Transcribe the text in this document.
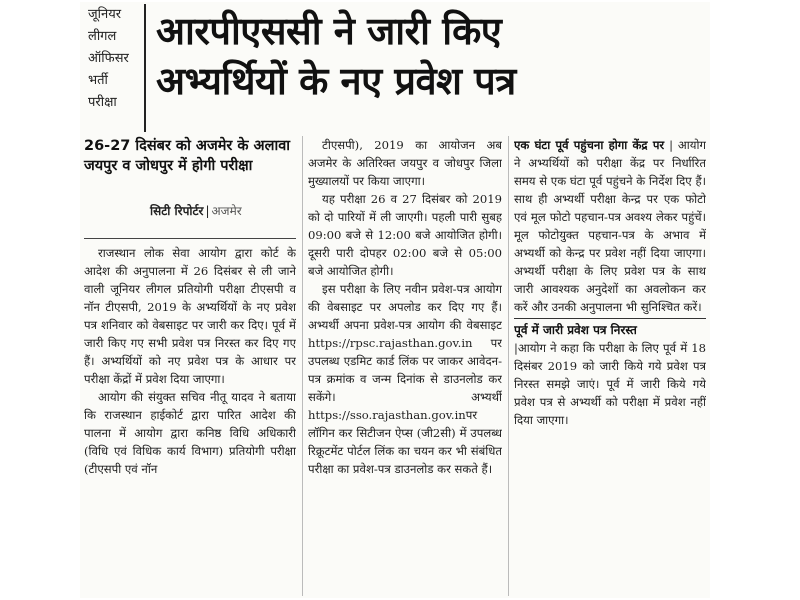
जूनियर
लीगल
ऑफिसर
भर्ती
परीक्षा
आरपीएससी ने जारी किए
अभ्यर्थियों के नए प्रवेश पत्र
26-27 दिसंबर को अजमेर के अलावा जयपुर व जोधपुर में होगी परीक्षा
सिटी रिपोर्टर | अजमेर

राजस्थान लोक सेवा आयोग द्वारा कोर्ट के आदेश की अनुपालना में 26 दिसंबर से ली जाने वाली जूनियर लीगल प्रतियोगी परीक्षा टीएसपी व नॉन टीएसपी, 2019 के अभ्यर्थियों के नए प्रवेश पत्र शनिवार को वेबसाइट पर जारी कर दिए। पूर्व में जारी किए गए सभी प्रवेश पत्र निरस्त कर दिए गए हैं। अभ्यर्थियों को नए प्रवेश पत्र के आधार पर परीक्षा केंद्रों में प्रवेश दिया जाएगा।

आयोग की संयुक्त सचिव नीतू यादव ने बताया कि राजस्थान हाईकोर्ट द्वारा पारित आदेश की पालना में आयोग द्वारा कनिष्ठ विधि अधिकारी (विधि एवं विधिक कार्य विभाग) प्रतियोगी परीक्षा (टीएसपी एवं नॉन

टीएसपी), 2019 का आयोजन अब अजमेर के अतिरिक्त जयपुर व जोधपुर जिला मुख्यालयों पर किया जाएगा।

यह परीक्षा 26 व 27 दिसंबर को 2019 को दो पारियों में ली जाएगी। पहली पारी सुबह 09:00 बजे से 12:00 बजे आयोजित होगी। दूसरी पारी दोपहर 02:00 बजे से 05:00 बजे आयोजित होगी।

इस परीक्षा के लिए नवीन प्रवेश-पत्र आयोग की वेबसाइट पर अपलोड कर दिए गए हैं। अभ्यर्थी अपना प्रवेश-पत्र आयोग की वेबसाइट https://rpsc.rajasthan.gov.in पर उपलब्ध एडमिट कार्ड लिंक पर जाकर आवेदन-पत्र क्रमांक व जन्म दिनांक से डाउनलोड कर सकेंगे। अभ्यर्थी https://sso.rajasthan.gov.inपर लॉगिन कर सिटीजन ऐप्स (जी2सी) में उपलब्ध रिक्रूटमेंट पोर्टल लिंक का चयन कर भी संबंधित परीक्षा का प्रवेश-पत्र डाउनलोड कर सकते हैं।

एक घंटा पूर्व पहुंचना होगा केंद्र पर | आयोग ने अभ्यर्थियों को परीक्षा केंद्र पर निर्धारित समय से एक घंटा पूर्व पहुंचने के निर्देश दिए हैं। साथ ही अभ्यर्थी परीक्षा केन्द्र पर एक फोटो एवं मूल फोटो पहचान-पत्र अवश्य लेकर पहुंचें। मूल फोटोयुक्त पहचान-पत्र के अभाव में अभ्यर्थी को केन्द्र पर प्रवेश नहीं दिया जाएगा। अभ्यर्थी परीक्षा के लिए प्रवेश पत्र के साथ जारी आवश्यक अनुदेशों का अवलोकन कर करें और उनकी अनुपालना भी सुनिश्चित करें।

पूर्व में जारी प्रवेश पत्र निरस्त

|आयोग ने कहा कि परीक्षा के लिए पूर्व में 18 दिसंबर 2019 को जारी किये गये प्रवेश पत्र निरस्त समझे जाएं। पूर्व में जारी किये गये प्रवेश पत्र से अभ्यर्थी को परीक्षा में प्रवेश नहीं दिया जाएगा।
